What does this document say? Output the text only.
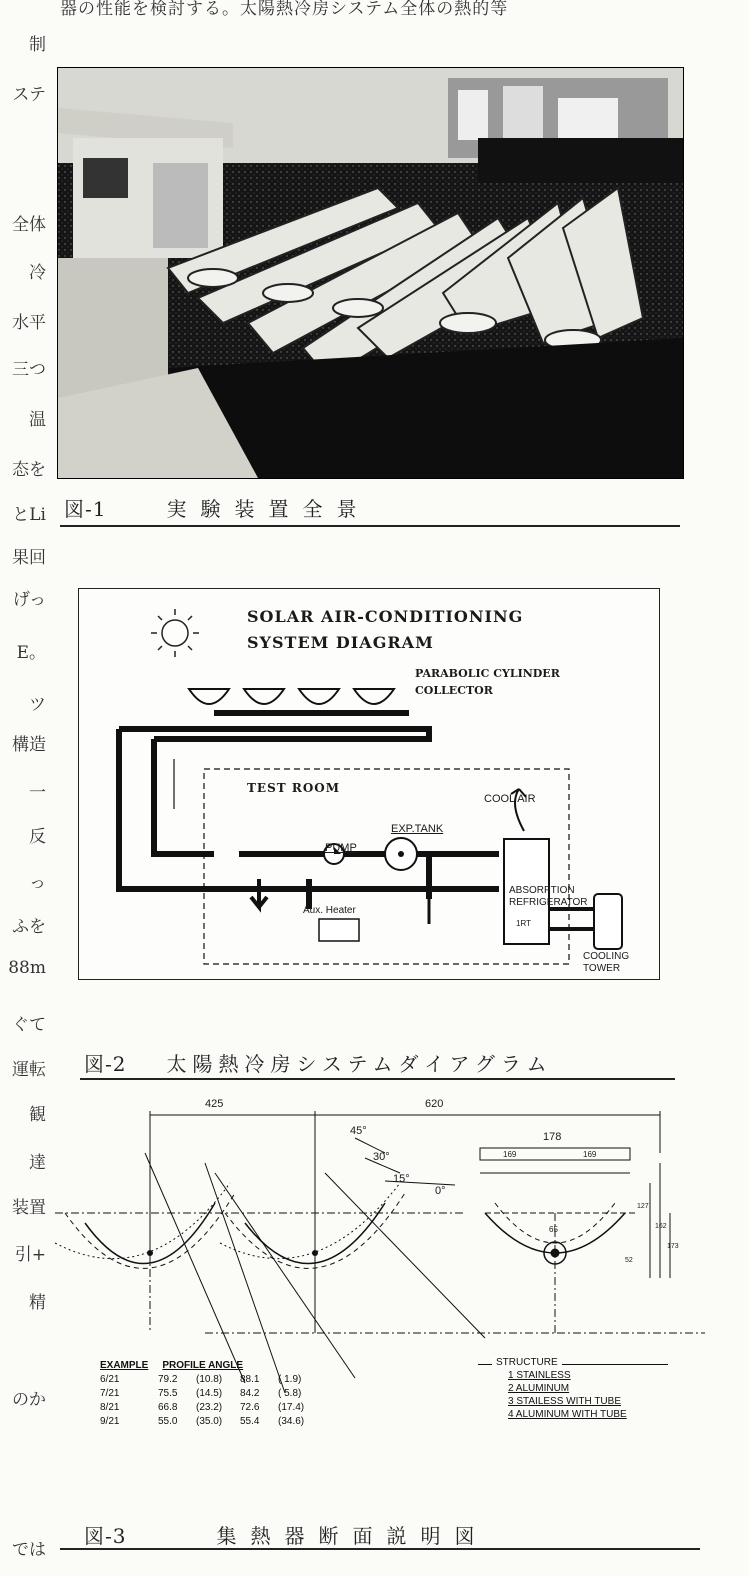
器の性能を検討する。太陽熱冷房システム全体の熱的等
制
ステ
全体
冷
水平
三つ
温
态を
とLi
果回
げっ
E。
ツ
構造
一
反
っ
ふを
88m
ぐて
運転
観
達
装置
引+
精
のか
では
図-1	実験装置全景
SOLAR AIR-CONDITIONING
SYSTEM DIAGRAM
PARABOLIC CYLINDER
COLLECTOR
TEST ROOM
COOL AIR
PUMP
EXP.TANK
ABSORPTION
REFRIGERATOR
1RT
Aux. Heater
COOLING
TOWER
図-2 太陽熱冷房システムダイアグラム
425	620
178
169	169
65
127
162
52
173
45°
30°
15°
0°
EXAMPLE PROFILE ANGLE
6/21	79.2	(10.8)	88.1	( 1.9)
7/21	75.5	(14.5)	84.2	( 5.8)
8/21	66.8	(23.2)	72.6	(17.4)
9/21	55.0	(35.0)	55.4	(34.6)
STRUCTURE
1 STAINLESS
2 ALUMINUM
3 STAILESS WITH TUBE
4 ALUMINUM WITH TUBE
図-3	集熱器断面説明図
